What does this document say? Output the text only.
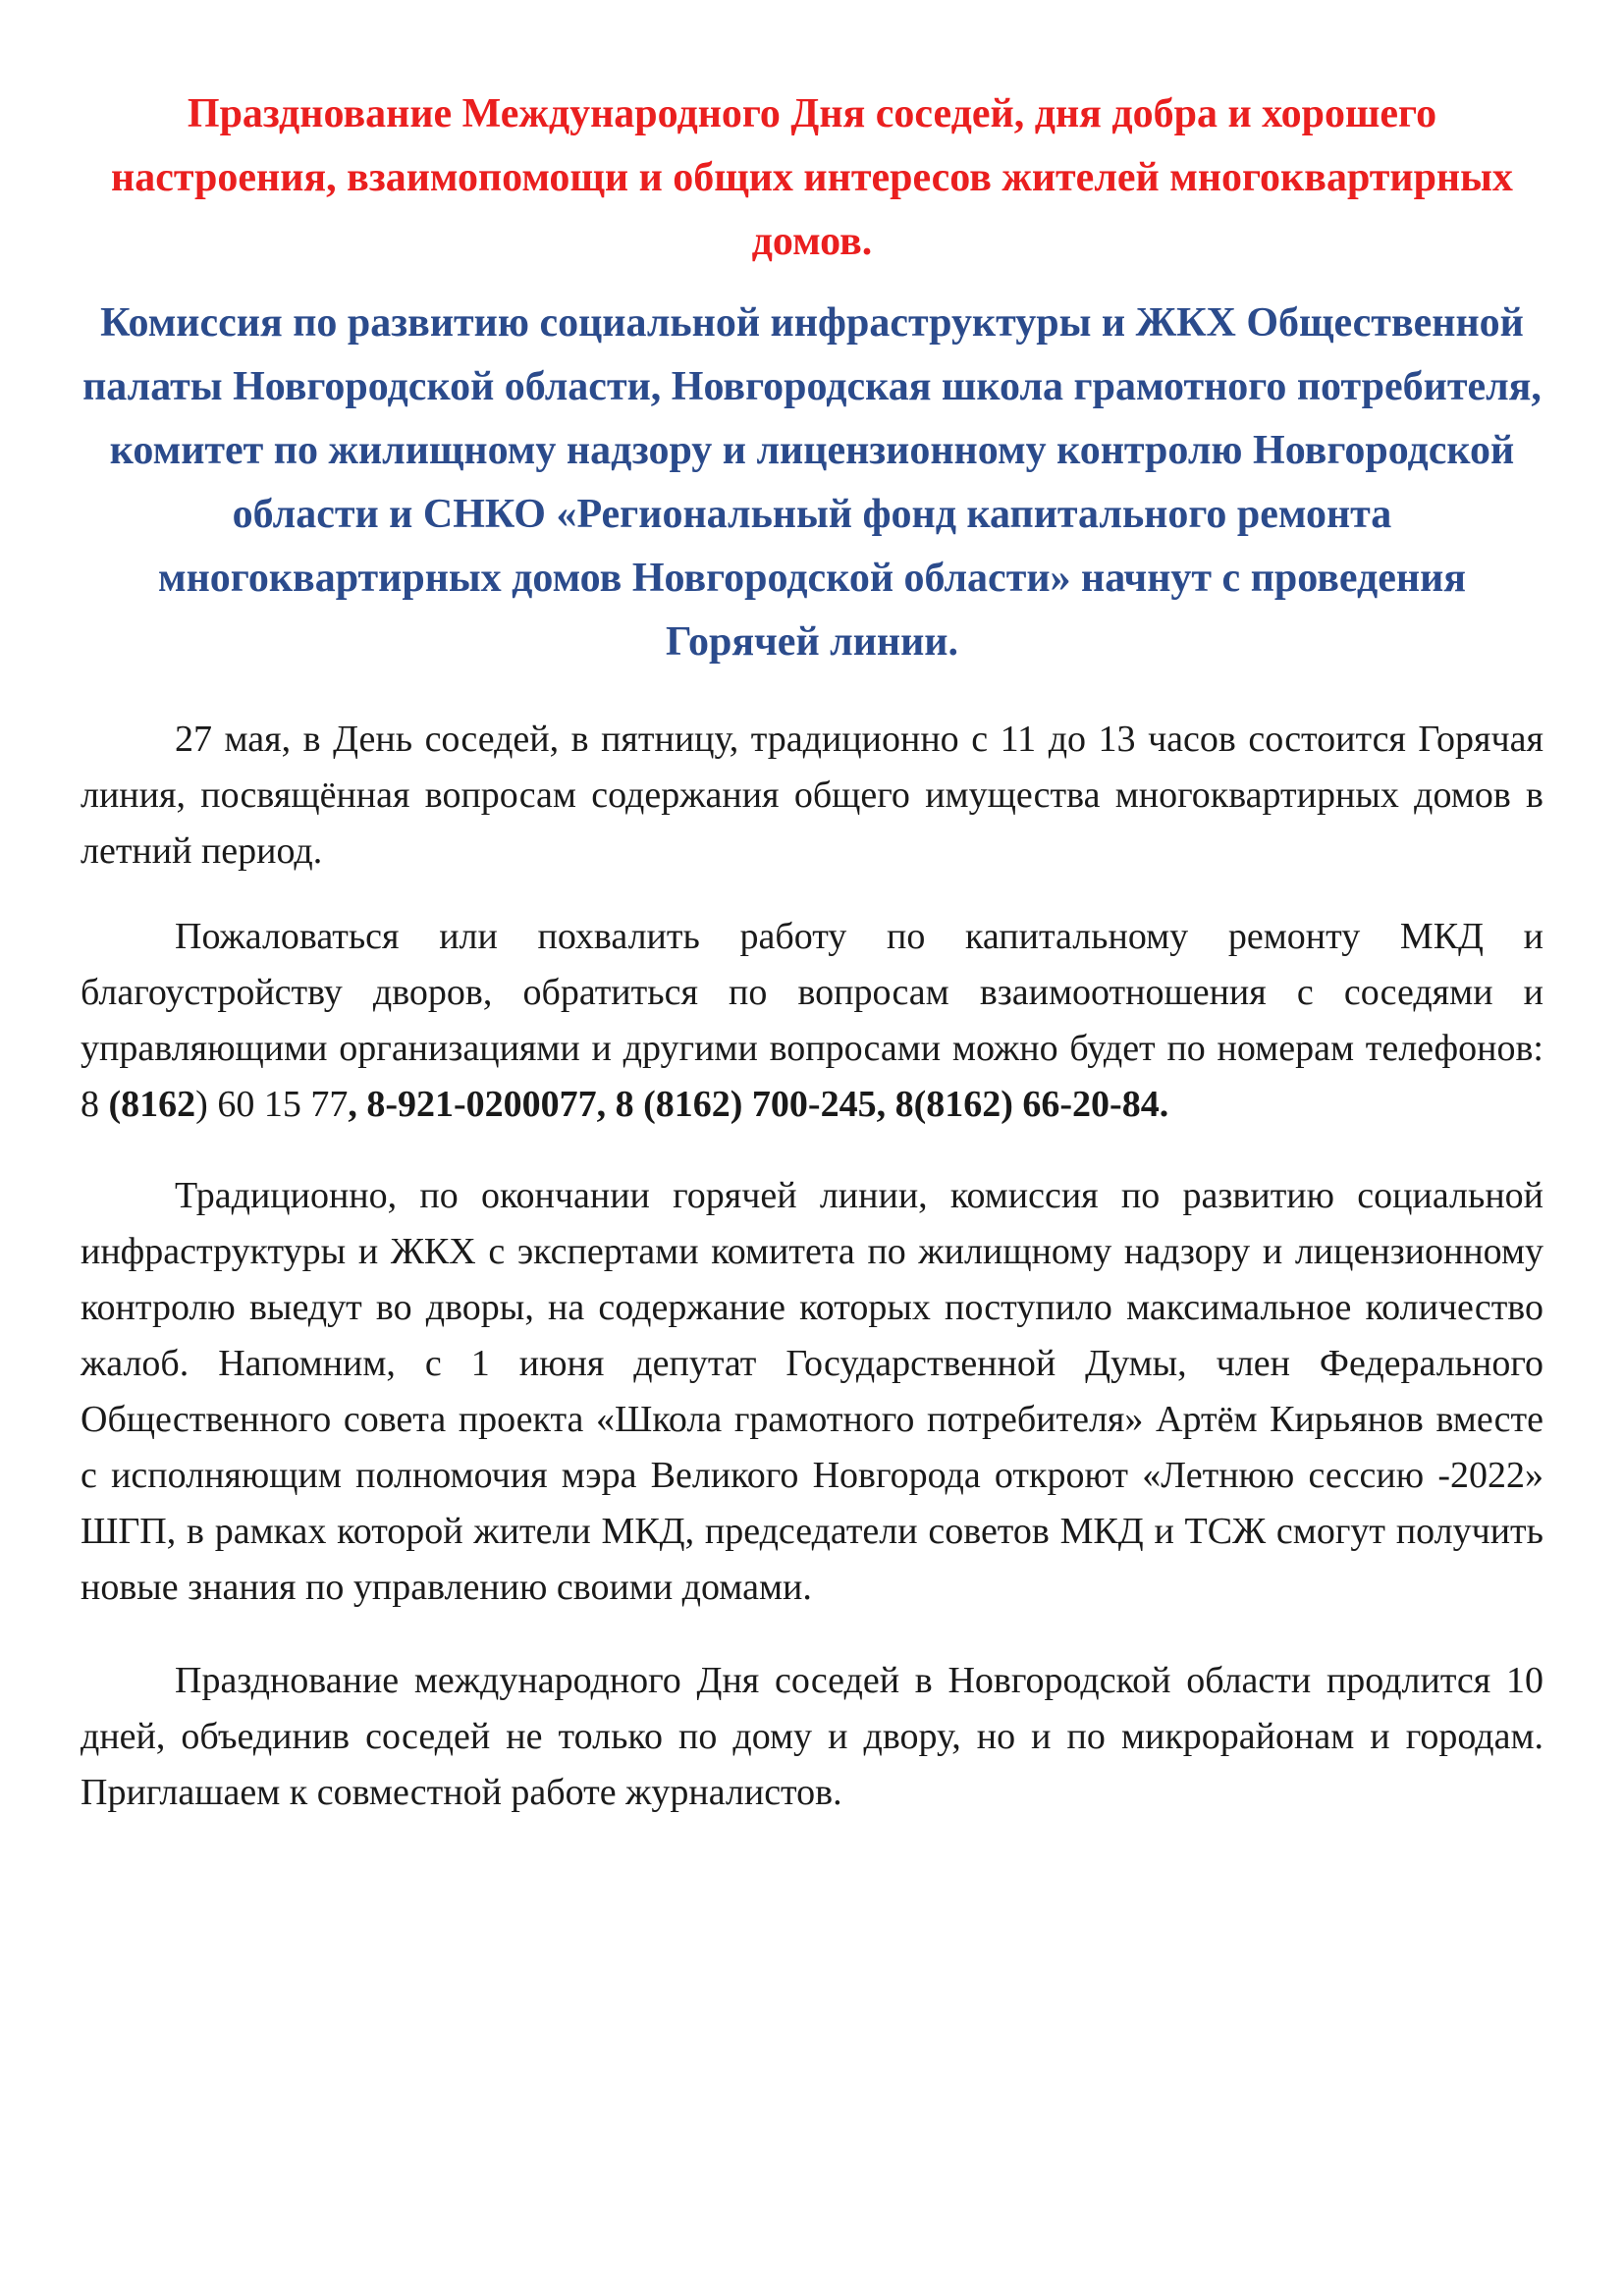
Празднование Международного Дня соседей, дня добра и хорошего настроения, взаимопомощи и общих интересов жителей многоквартирных домов.
Комиссия по развитию социальной инфраструктуры и ЖКХ Общественной палаты Новгородской области, Новгородская школа грамотного потребителя, комитет по жилищному надзору и лицензионному контролю Новгородской области и СНКО «Региональный фонд капитального ремонта многоквартирных домов Новгородской области» начнут с проведения Горячей линии.

27 мая, в День соседей, в пятницу, традиционно с 11 до 13 часов состоится Горячая линия, посвящённая вопросам содержания общего имущества многоквартирных домов в летний период.

Пожаловаться или похвалить работу по капитальному ремонту МКД и благоустройству дворов, обратиться по вопросам взаимоотношения с соседями и управляющими организациями и другими вопросами можно будет по номерам телефонов: 8 (8162) 60 15 77, 8-921-0200077, 8 (8162) 700-245, 8(8162) 66-20-84.

Традиционно, по окончании горячей линии, комиссия по развитию социальной инфраструктуры и ЖКХ с экспертами комитета по жилищному надзору и лицензионному контролю выедут во дворы, на содержание которых поступило максимальное количество жалоб. Напомним, с 1 июня депутат Государственной Думы, член Федерального Общественного совета проекта «Школа грамотного потребителя» Артём Кирьянов вместе с исполняющим полномочия мэра Великого Новгорода откроют «Летнюю сессию -2022» ШГП, в рамках которой жители МКД, председатели советов МКД и ТСЖ смогут получить новые знания по управлению своими домами.

Празднование международного Дня соседей в Новгородской области продлится 10 дней, объединив соседей не только по дому и двору, но и по микрорайонам и городам. Приглашаем к совместной работе журналистов.
